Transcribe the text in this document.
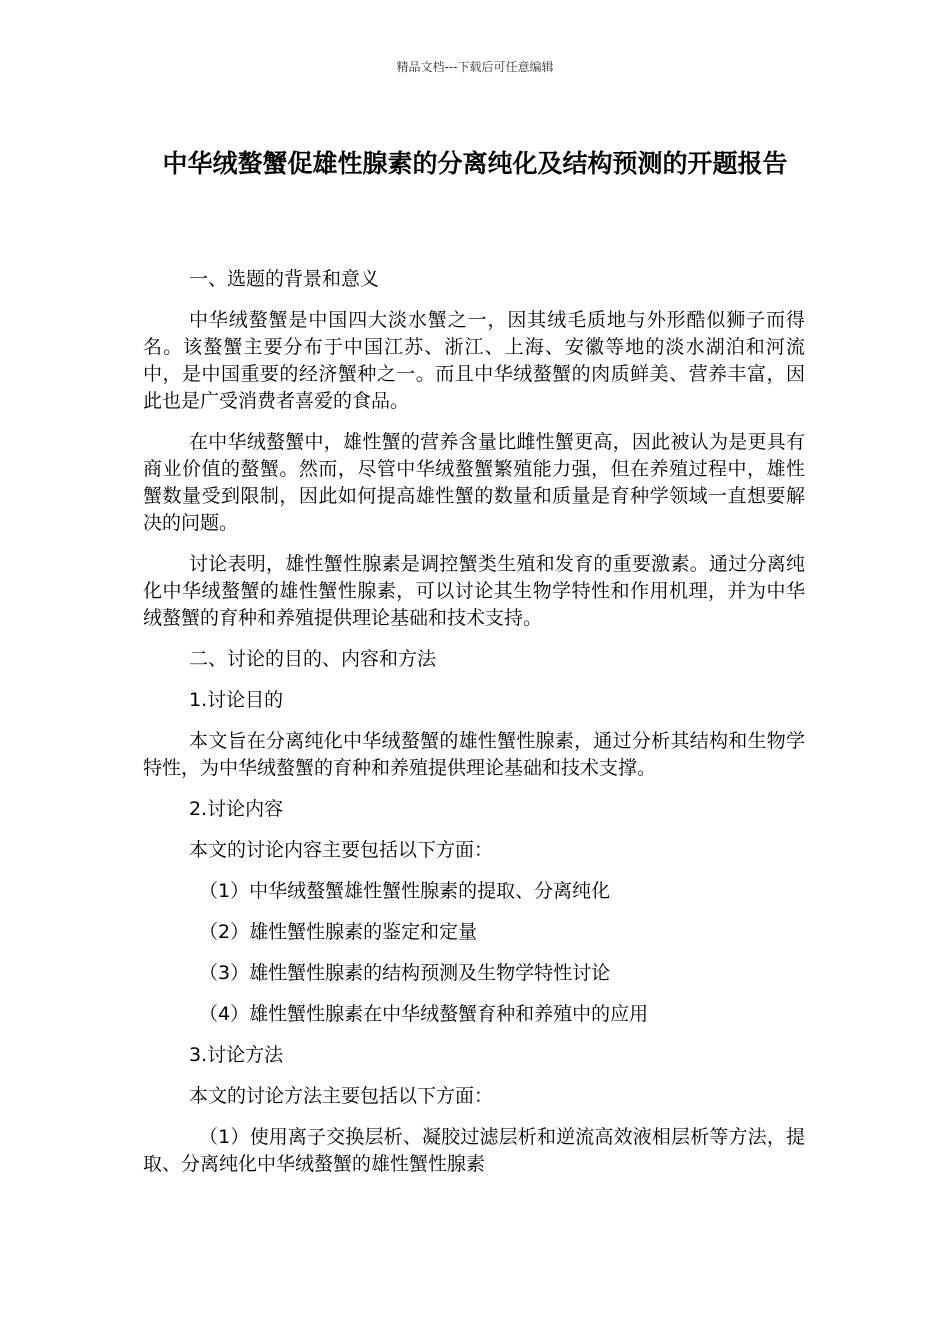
精品文档---下载后可任意编辑
中华绒螯蟹促雄性腺素的分离纯化及结构预测的开题报告

一、选题的背景和意义

中华绒螯蟹是中国四大淡水蟹之一，因其绒毛质地与外形酷似狮子而得名。该螯蟹主要分布于中国江苏、浙江、上海、安徽等地的淡水湖泊和河流中，是中国重要的经济蟹种之一。而且中华绒螯蟹的肉质鲜美、营养丰富，因此也是广受消费者喜爱的食品。

在中华绒螯蟹中，雄性蟹的营养含量比雌性蟹更高，因此被认为是更具有商业价值的螯蟹。然而，尽管中华绒螯蟹繁殖能力强，但在养殖过程中，雄性蟹数量受到限制，因此如何提高雄性蟹的数量和质量是育种学领域一直想要解决的问题。

讨论表明，雄性蟹性腺素是调控蟹类生殖和发育的重要激素。通过分离纯化中华绒螯蟹的雄性蟹性腺素，可以讨论其生物学特性和作用机理，并为中华绒螯蟹的育种和养殖提供理论基础和技术支持。

二、讨论的目的、内容和方法

1.讨论目的

本文旨在分离纯化中华绒螯蟹的雄性蟹性腺素，通过分析其结构和生物学特性，为中华绒螯蟹的育种和养殖提供理论基础和技术支撑。

2.讨论内容

本文的讨论内容主要包括以下方面：

（1）中华绒螯蟹雄性蟹性腺素的提取、分离纯化

（2）雄性蟹性腺素的鉴定和定量

（3）雄性蟹性腺素的结构预测及生物学特性讨论

（4）雄性蟹性腺素在中华绒螯蟹育种和养殖中的应用

3.讨论方法

本文的讨论方法主要包括以下方面：

（1）使用离子交换层析、凝胶过滤层析和逆流高效液相层析等方法，提取、分离纯化中华绒螯蟹的雄性蟹性腺素
